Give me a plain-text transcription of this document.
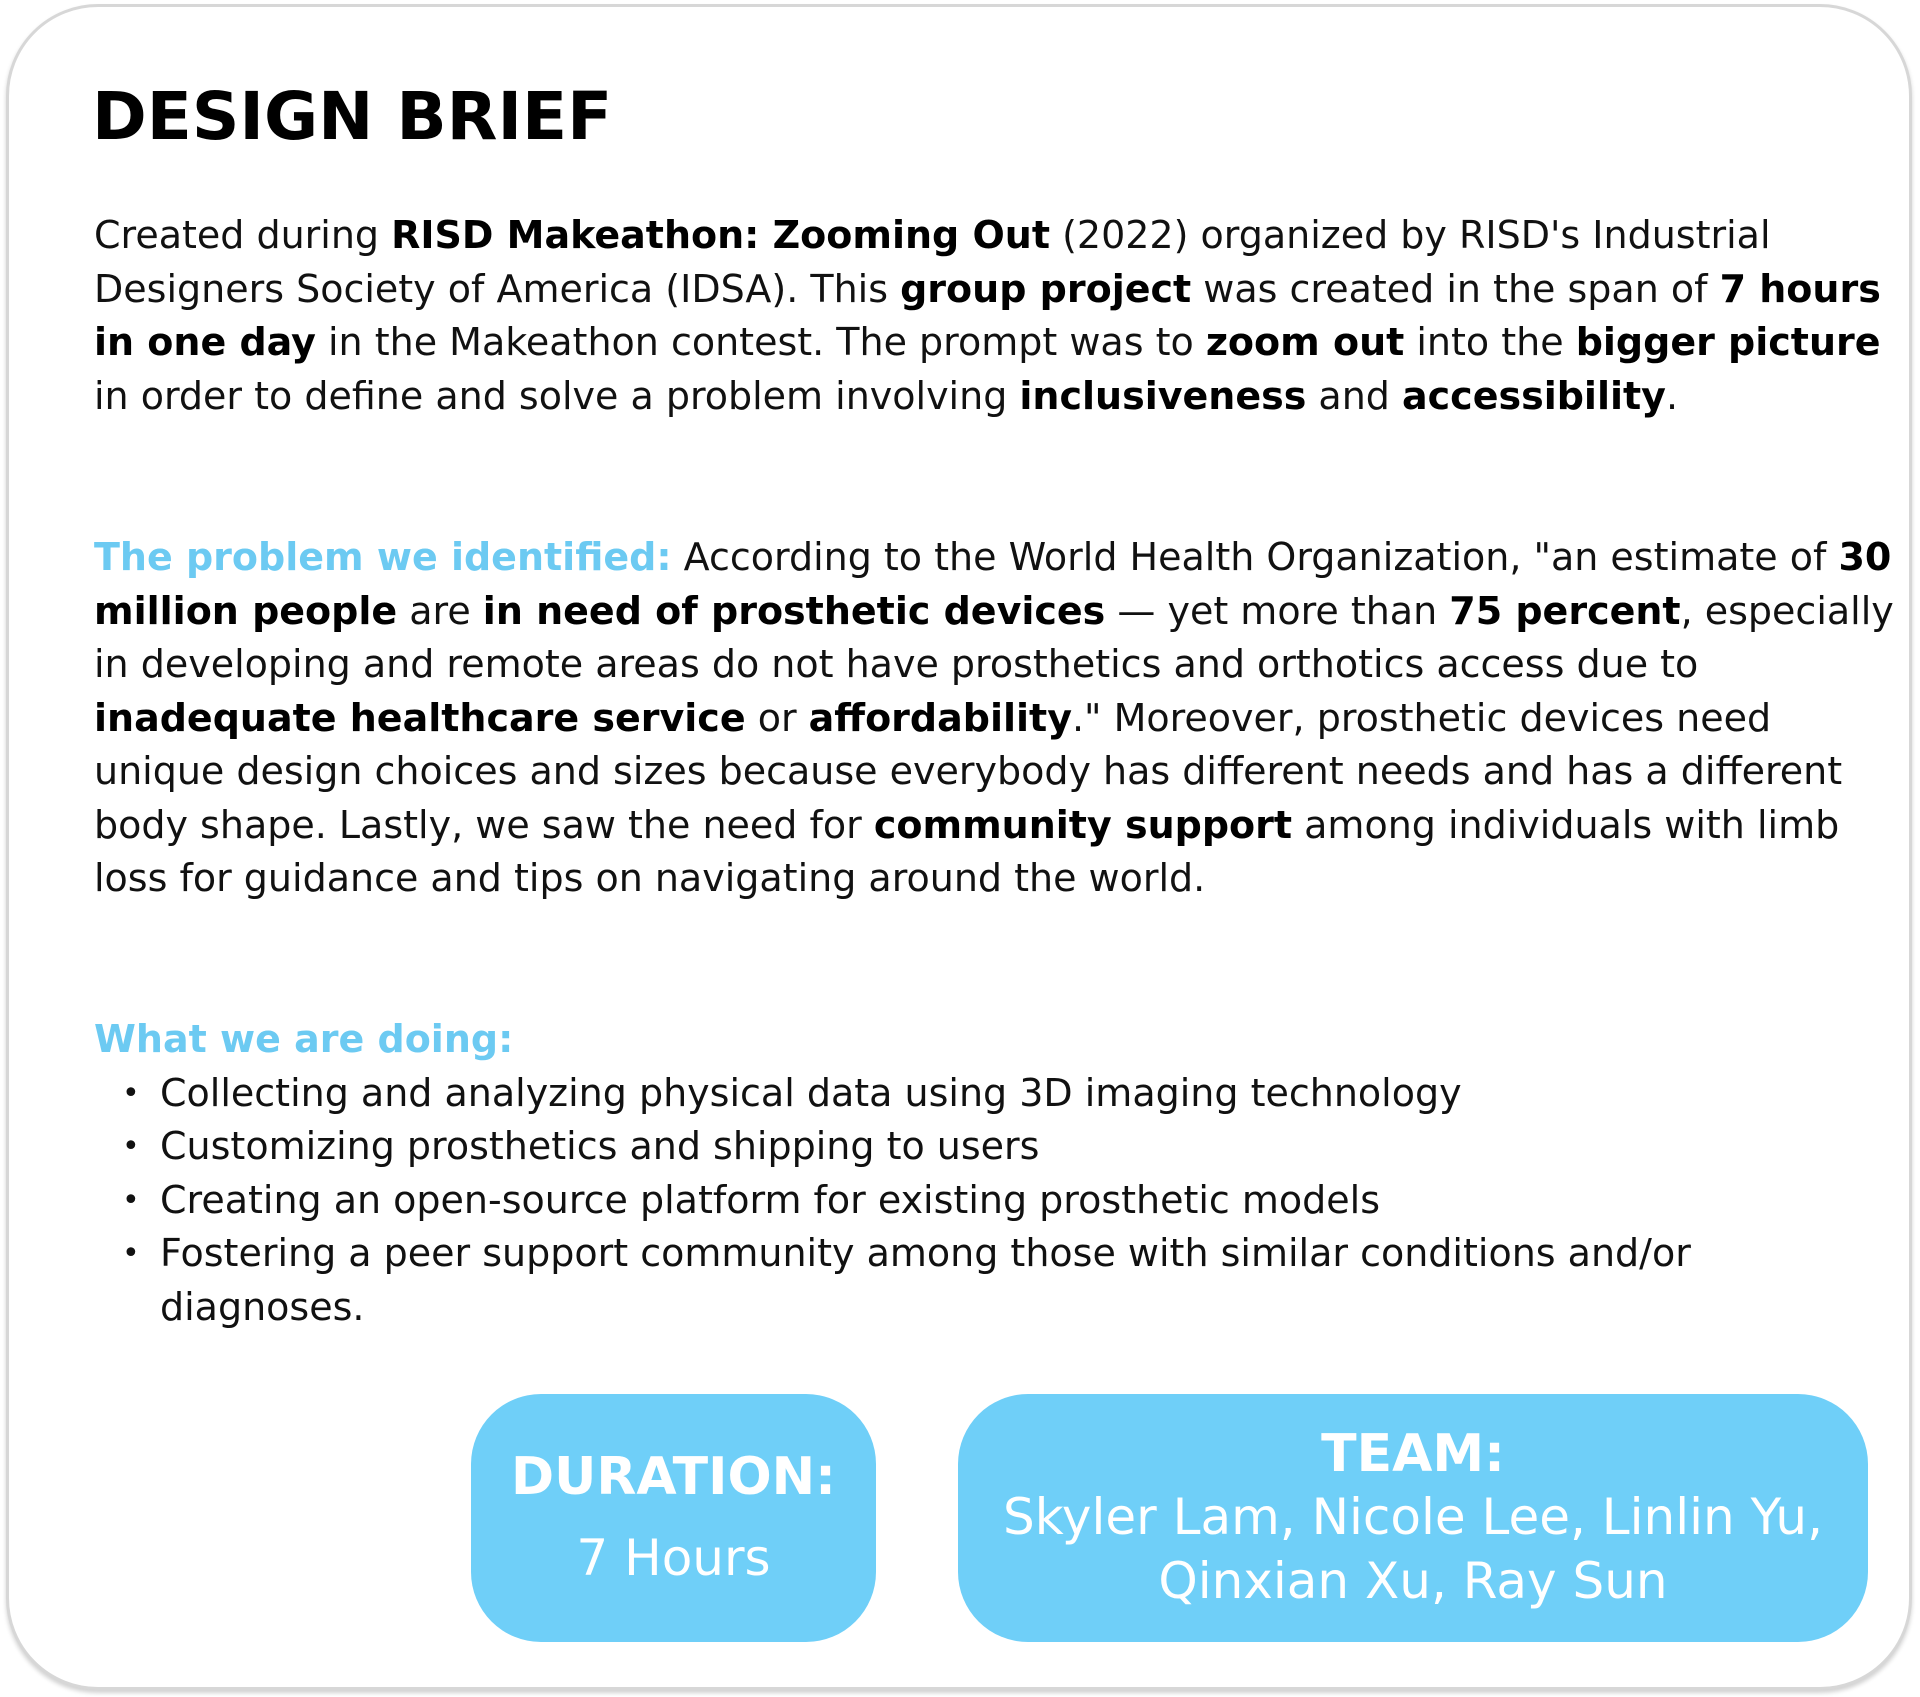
DESIGN BRIEF

Created during RISD Makeathon: Zooming Out (2022) organized by RISD's Industrial Designers Society of America (IDSA). This group project was created in the span of 7 hours in one day in the Makeathon contest. The prompt was to zoom out into the bigger picture in order to define and solve a problem involving inclusiveness and accessibility.

The problem we identified: According to the World Health Organization, "an estimate of 30 million people are in need of prosthetic devices — yet more than 75 percent, especially in developing and remote areas do not have prosthetics and orthotics access due to inadequate healthcare service or affordability." Moreover, prosthetic devices need unique design choices and sizes because everybody has different needs and has a different body shape. Lastly, we saw the need for community support among individuals with limb loss for guidance and tips on navigating around the world.

What we are doing:
• Collecting and analyzing physical data using 3D imaging technology
• Customizing prosthetics and shipping to users
• Creating an open-source platform for existing prosthetic models
• Fostering a peer support community among those with similar conditions and/or diagnoses.
DURATION:
7 Hours
TEAM:
Skyler Lam, Nicole Lee, Linlin Yu, Qinxian Xu, Ray Sun
